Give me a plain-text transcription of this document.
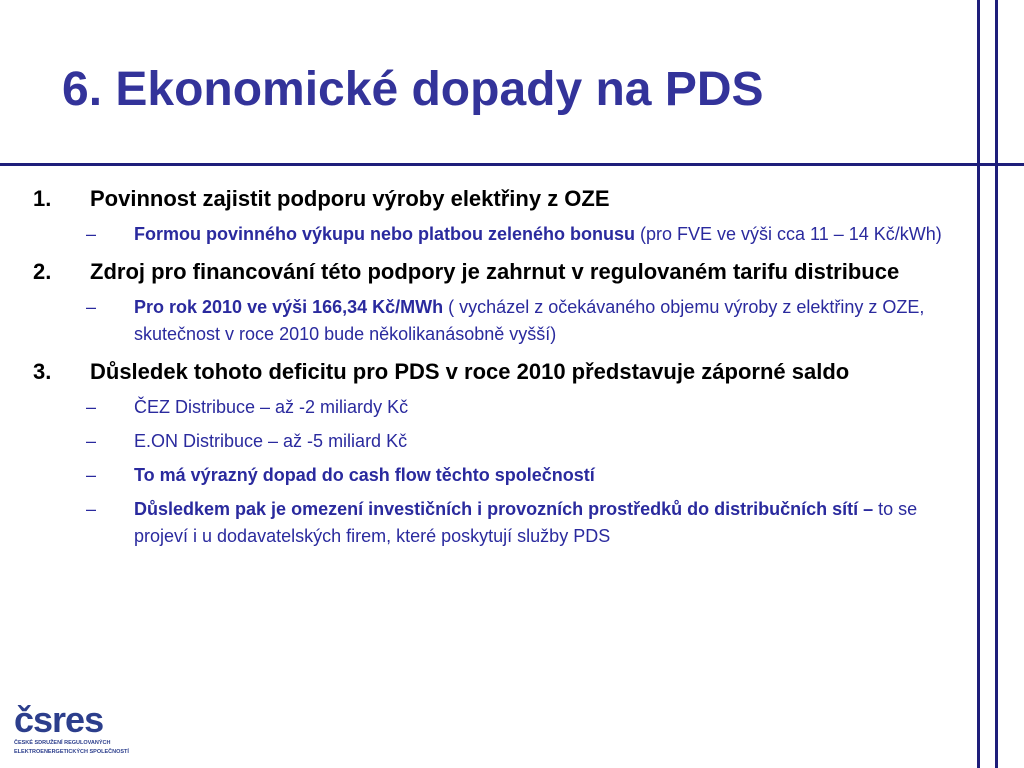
6. Ekonomické dopady na PDS
1. Povinnost zajistit podporu výroby elektřiny z OZE
– Formou povinného výkupu nebo platbou zeleného bonusu (pro FVE ve výši cca 11 – 14 Kč/kWh)
2. Zdroj pro financování této podpory je zahrnut v regulovaném tarifu distribuce
– Pro rok 2010 ve výši 166,34 Kč/MWh ( vycházel z očekávaného objemu výroby z elektřiny z OZE, skutečnost v roce 2010 bude několikanásobně vyšší)
3. Důsledek tohoto deficitu pro PDS v roce 2010 představuje záporné saldo
– ČEZ Distribuce – až -2 miliardy Kč
– E.ON Distribuce – až -5 miliard Kč
– To má výrazný dopad do cash flow těchto společností
– Důsledkem pak je omezení investičních i provozních prostředků do distribučních sítí – to se projeví i u dodavatelských firem, které poskytují služby PDS
čsres
ČESKÉ SDRUŽENÍ REGULOVANÝCH
ELEKTROENERGETICKÝCH SPOLEČNOSTÍ
